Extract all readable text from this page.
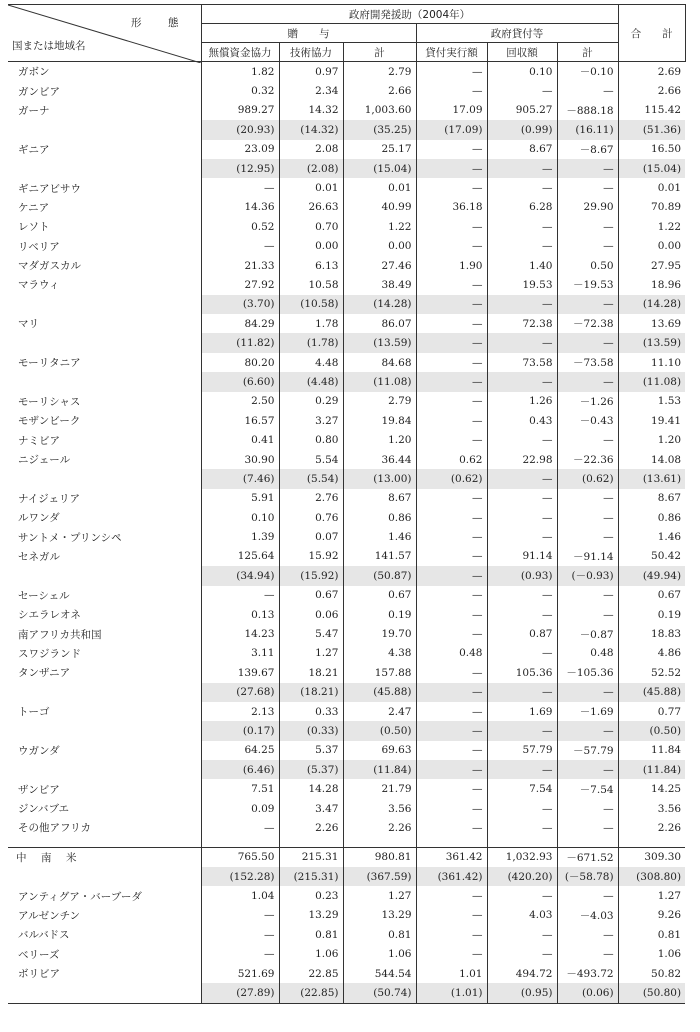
形　態
国または地域名	政府開発援助（2004年）						合　　計
	贈　　与			政府貸付等			
	無償資金協力	技術協力	計	貸付実行額	回収額	計	
ガボン	1.82	0.97	2.79	—	0.10	－0.10	2.69
ガンビア	0.32	2.34	2.66	—	—	—	2.66
ガーナ	989.27	14.32	1,003.60	17.09	905.27	－888.18	115.42
	(20.93)	(14.32)	(35.25)	(17.09)	(0.99)	(16.11)	(51.36)
ギニア	23.09	2.08	25.17	—	8.67	－8.67	16.50
	(12.95)	(2.08)	(15.04)	—	—	—	(15.04)
ギニアビサウ	—	0.01	0.01	—	—	—	0.01
ケニア	14.36	26.63	40.99	36.18	6.28	29.90	70.89
レソト	0.52	0.70	1.22	—	—	—	1.22
リベリア	—	0.00	0.00	—	—	—	0.00
マダガスカル	21.33	6.13	27.46	1.90	1.40	0.50	27.95
マラウィ	27.92	10.58	38.49	—	19.53	－19.53	18.96
	(3.70)	(10.58)	(14.28)	—	—	—	(14.28)
マリ	84.29	1.78	86.07	—	72.38	－72.38	13.69
	(11.82)	(1.78)	(13.59)	—	—	—	(13.59)
モーリタニア	80.20	4.48	84.68	—	73.58	－73.58	11.10
	(6.60)	(4.48)	(11.08)	—	—	—	(11.08)
モーリシャス	2.50	0.29	2.79	—	1.26	－1.26	1.53
モザンビーク	16.57	3.27	19.84	—	0.43	－0.43	19.41
ナミビア	0.41	0.80	1.20	—	—	—	1.20
ニジェール	30.90	5.54	36.44	0.62	22.98	－22.36	14.08
	(7.46)	(5.54)	(13.00)	(0.62)	—	(0.62)	(13.61)
ナイジェリア	5.91	2.76	8.67	—	—	—	8.67
ルワンダ	0.10	0.76	0.86	—	—	—	0.86
サントメ・プリンシペ	1.39	0.07	1.46	—	—	—	1.46
セネガル	125.64	15.92	141.57	—	91.14	－91.14	50.42
	(34.94)	(15.92)	(50.87)	—	(0.93)	(－0.93)	(49.94)
セーシェル	—	0.67	0.67	—	—	—	0.67
シエラレオネ	0.13	0.06	0.19	—	—	—	0.19
南アフリカ共和国	14.23	5.47	19.70	—	0.87	－0.87	18.83
スワジランド	3.11	1.27	4.38	0.48	—	0.48	4.86
タンザニア	139.67	18.21	157.88	—	105.36	－105.36	52.52
	(27.68)	(18.21)	(45.88)	—	—	—	(45.88)
トーゴ	2.13	0.33	2.47	—	1.69	－1.69	0.77
	(0.17)	(0.33)	(0.50)	—	—	—	(0.50)
ウガンダ	64.25	5.37	69.63	—	57.79	－57.79	11.84
	(6.46)	(5.37)	(11.84)	—	—	—	(11.84)
ザンビア	7.51	14.28	21.79	—	7.54	－7.54	14.25
ジンバブエ	0.09	3.47	3.56	—	—	—	3.56
その他アフリカ	—	2.26	2.26	—	—	—	2.26

中　南　米	765.50	215.31	980.81	361.42	1,032.93	－671.52	309.30
	(152.28)	(215.31)	(367.59)	(361.42)	(420.20)	(－58.78)	(308.80)
アンティグア・バーブーダ	1.04	0.23	1.27	—	—	—	1.27
アルゼンチン	—	13.29	13.29	—	4.03	－4.03	9.26
バルバドス	—	0.81	0.81	—	—	—	0.81
ベリーズ	—	1.06	1.06	—	—	—	1.06
ボリビア	521.69	22.85	544.54	1.01	494.72	－493.72	50.82
	(27.89)	(22.85)	(50.74)	(1.01)	(0.95)	(0.06)	(50.80)
